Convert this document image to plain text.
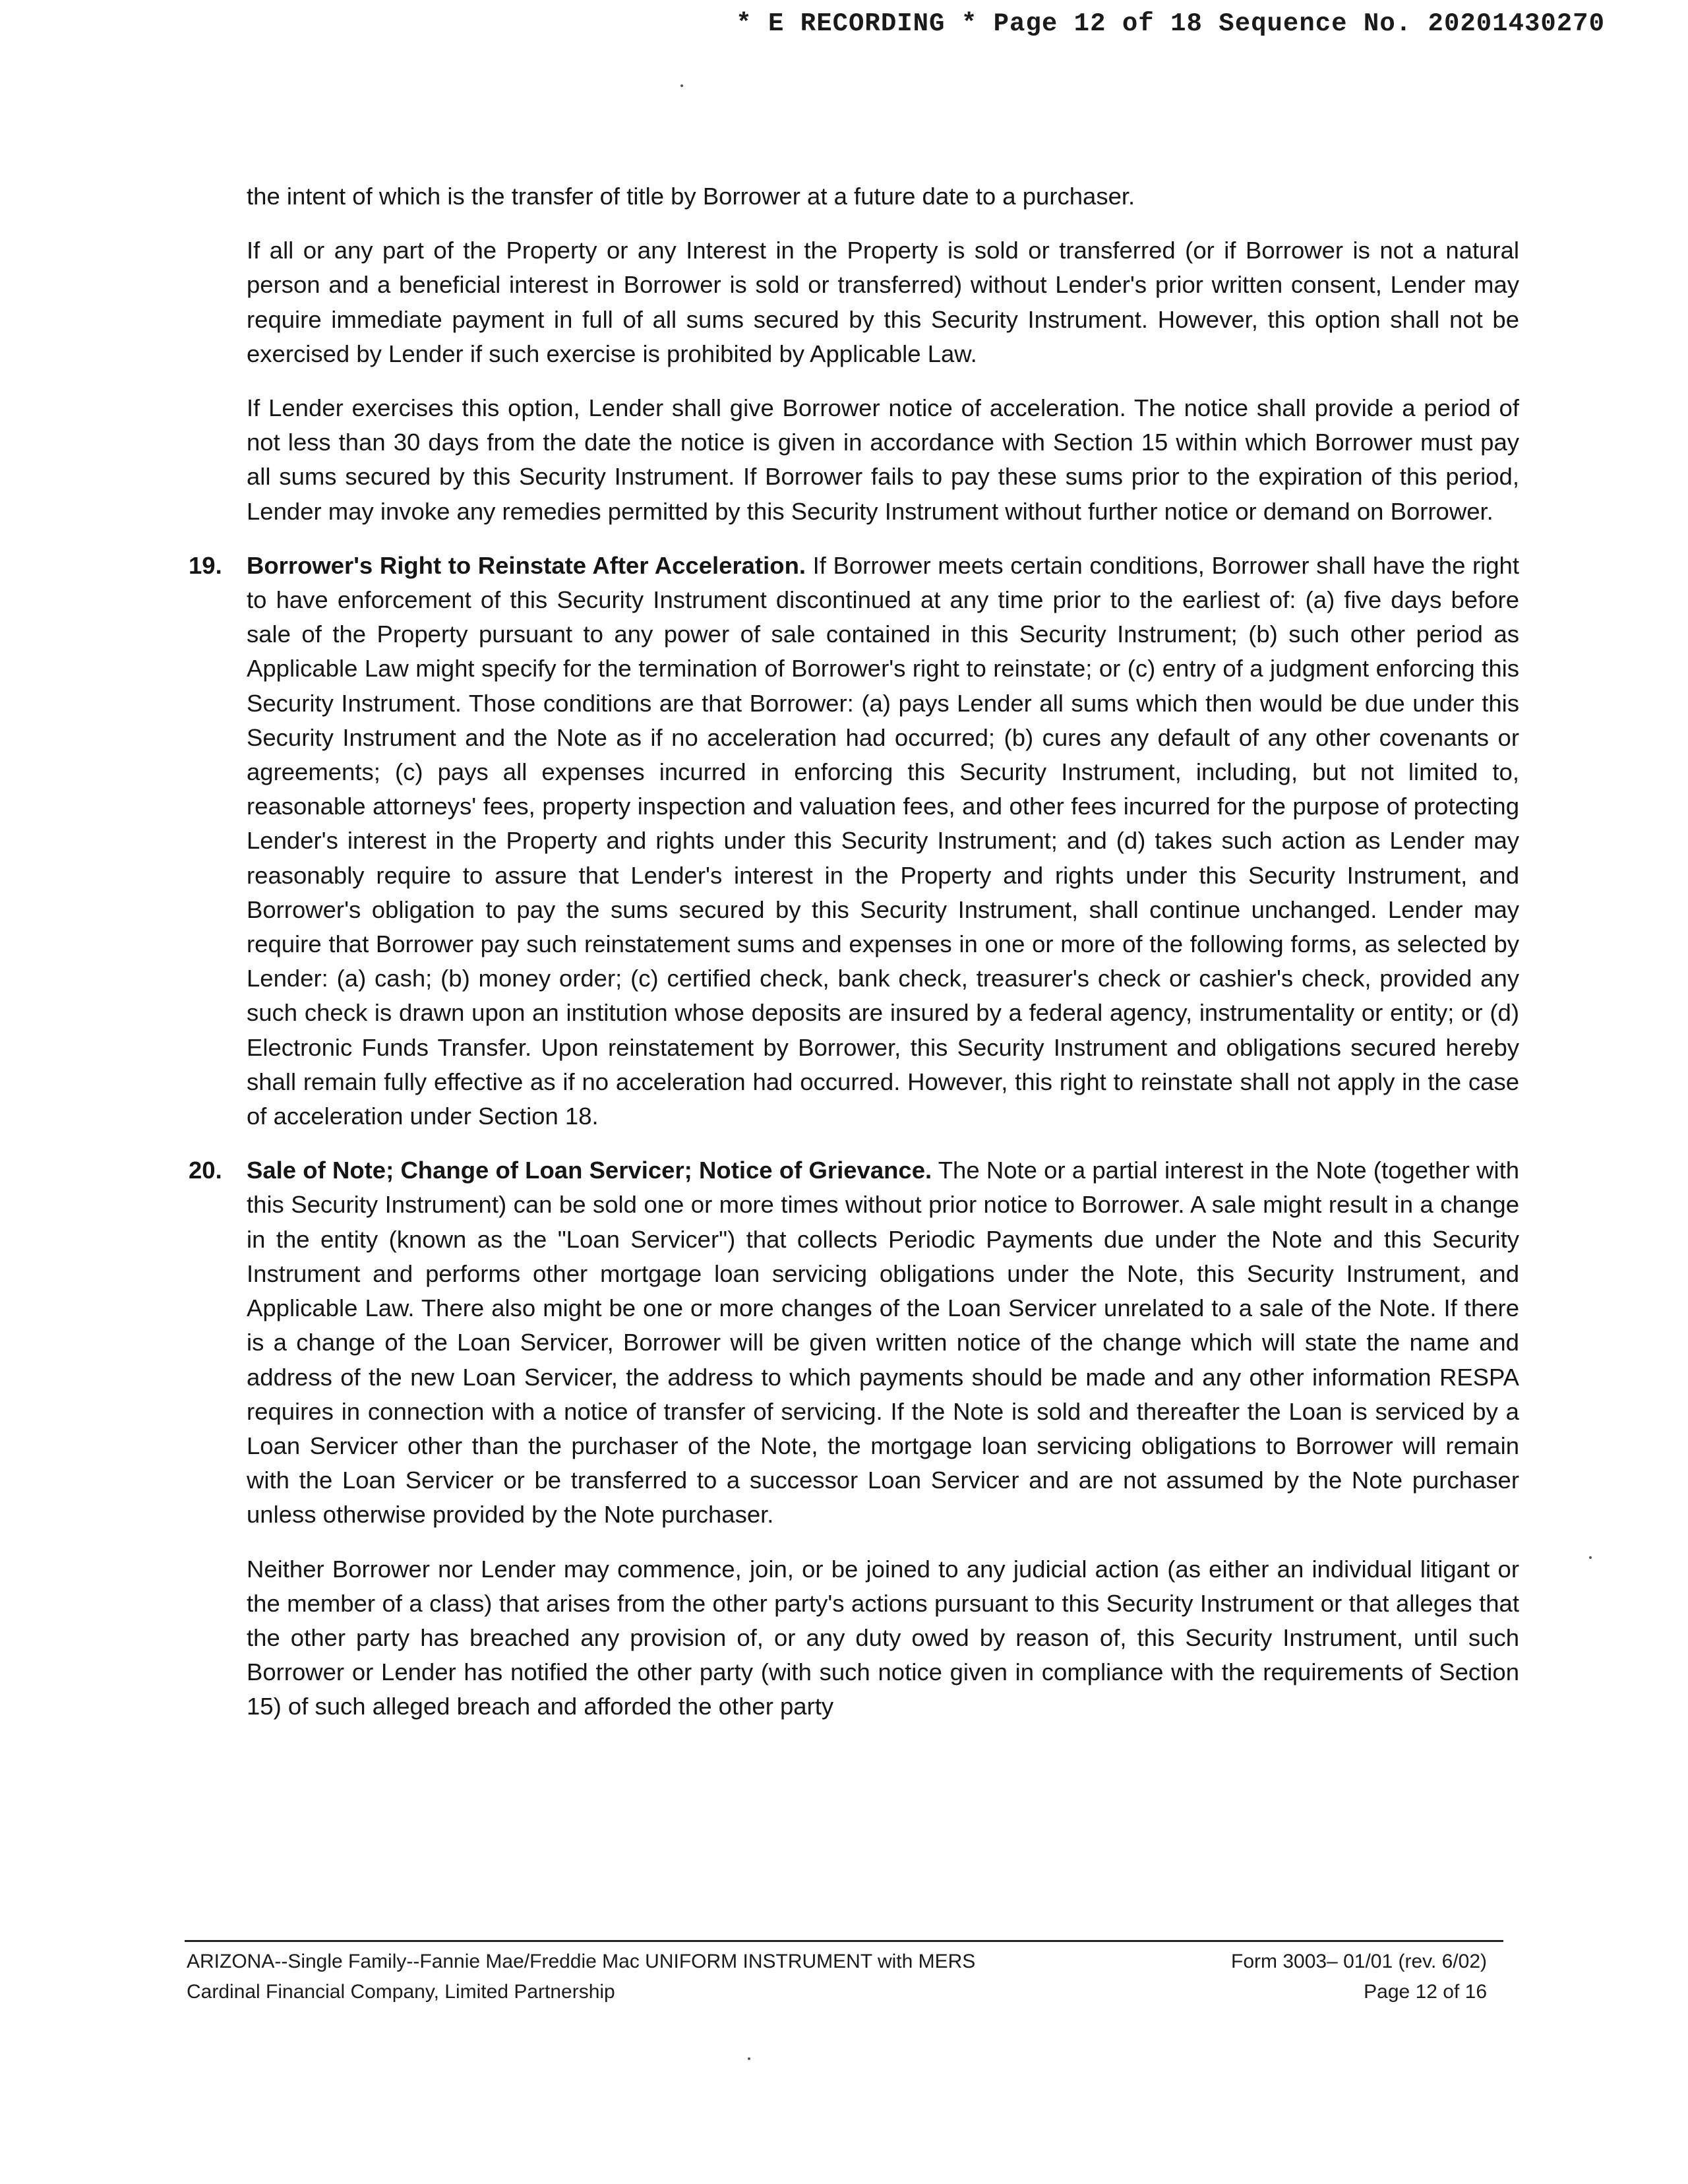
* E RECORDING * Page 12 of 18 Sequence No. 20201430270

the intent of which is the transfer of title by Borrower at a future date to a purchaser.

If all or any part of the Property or any Interest in the Property is sold or transferred (or if Borrower is not a natural person and a beneficial interest in Borrower is sold or transferred) without Lender's prior written consent, Lender may require immediate payment in full of all sums secured by this Security Instrument. However, this option shall not be exercised by Lender if such exercise is prohibited by Applicable Law.

If Lender exercises this option, Lender shall give Borrower notice of acceleration. The notice shall provide a period of not less than 30 days from the date the notice is given in accordance with Section 15 within which Borrower must pay all sums secured by this Security Instrument. If Borrower fails to pay these sums prior to the expiration of this period, Lender may invoke any remedies permitted by this Security Instrument without further notice or demand on Borrower.

19. Borrower's Right to Reinstate After Acceleration. If Borrower meets certain conditions, Borrower shall have the right to have enforcement of this Security Instrument discontinued at any time prior to the earliest of: (a) five days before sale of the Property pursuant to any power of sale contained in this Security Instrument; (b) such other period as Applicable Law might specify for the termination of Borrower's right to reinstate; or (c) entry of a judgment enforcing this Security Instrument. Those conditions are that Borrower: (a) pays Lender all sums which then would be due under this Security Instrument and the Note as if no acceleration had occurred; (b) cures any default of any other covenants or agreements; (c) pays all expenses incurred in enforcing this Security Instrument, including, but not limited to, reasonable attorneys' fees, property inspection and valuation fees, and other fees incurred for the purpose of protecting Lender's interest in the Property and rights under this Security Instrument; and (d) takes such action as Lender may reasonably require to assure that Lender's interest in the Property and rights under this Security Instrument, and Borrower's obligation to pay the sums secured by this Security Instrument, shall continue unchanged. Lender may require that Borrower pay such reinstatement sums and expenses in one or more of the following forms, as selected by Lender: (a) cash; (b) money order; (c) certified check, bank check, treasurer's check or cashier's check, provided any such check is drawn upon an institution whose deposits are insured by a federal agency, instrumentality or entity; or (d) Electronic Funds Transfer. Upon reinstatement by Borrower, this Security Instrument and obligations secured hereby shall remain fully effective as if no acceleration had occurred. However, this right to reinstate shall not apply in the case of acceleration under Section 18.

20. Sale of Note; Change of Loan Servicer; Notice of Grievance. The Note or a partial interest in the Note (together with this Security Instrument) can be sold one or more times without prior notice to Borrower. A sale might result in a change in the entity (known as the "Loan Servicer") that collects Periodic Payments due under the Note and this Security Instrument and performs other mortgage loan servicing obligations under the Note, this Security Instrument, and Applicable Law. There also might be one or more changes of the Loan Servicer unrelated to a sale of the Note. If there is a change of the Loan Servicer, Borrower will be given written notice of the change which will state the name and address of the new Loan Servicer, the address to which payments should be made and any other information RESPA requires in connection with a notice of transfer of servicing. If the Note is sold and thereafter the Loan is serviced by a Loan Servicer other than the purchaser of the Note, the mortgage loan servicing obligations to Borrower will remain with the Loan Servicer or be transferred to a successor Loan Servicer and are not assumed by the Note purchaser unless otherwise provided by the Note purchaser.

Neither Borrower nor Lender may commence, join, or be joined to any judicial action (as either an individual litigant or the member of a class) that arises from the other party's actions pursuant to this Security Instrument or that alleges that the other party has breached any provision of, or any duty owed by reason of, this Security Instrument, until such Borrower or Lender has notified the other party (with such notice given in compliance with the requirements of Section 15) of such alleged breach and afforded the other party

ARIZONA--Single Family--Fannie Mae/Freddie Mac UNIFORM INSTRUMENT with MERS	Form 3003– 01/01 (rev. 6/02)
Cardinal Financial Company, Limited Partnership	Page 12 of 16
